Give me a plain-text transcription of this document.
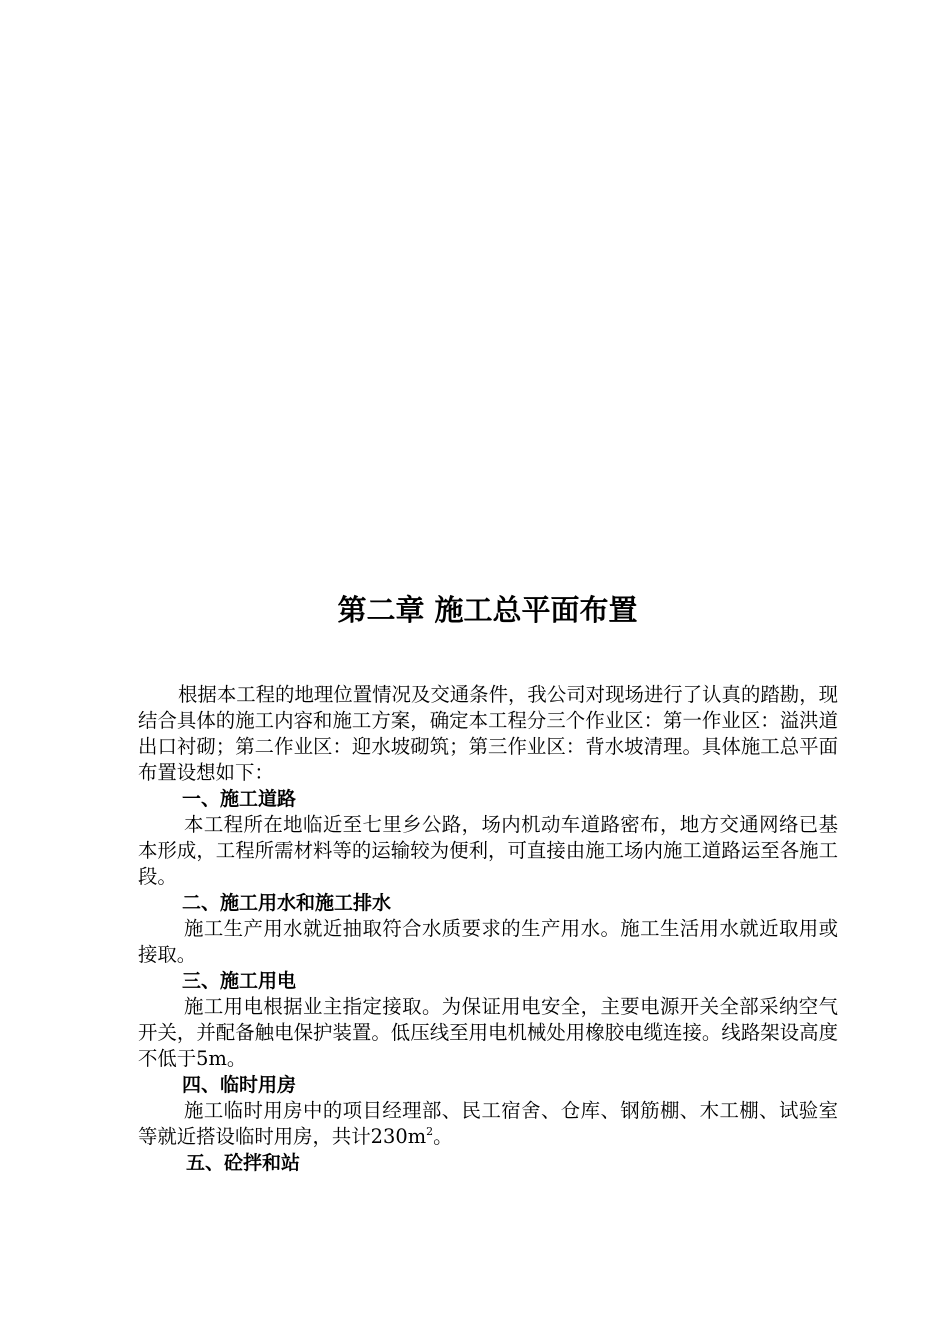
第二章 施工总平面布置

根据本工程的地理位置情况及交通条件，我公司对现场进行了认真的踏勘，现结合具体的施工内容和施工方案，确定本工程分三个作业区：第一作业区：溢洪道出口衬砌；第二作业区：迎水坡砌筑；第三作业区：背水坡清理。具体施工总平面布置设想如下：

一、施工道路

本工程所在地临近至七里乡公路，场内机动车道路密布，地方交通网络已基本形成，工程所需材料等的运输较为便利，可直接由施工场内施工道路运至各施工段。

二、施工用水和施工排水

施工生产用水就近抽取符合水质要求的生产用水。施工生活用水就近取用或接取。

三、施工用电

施工用电根据业主指定接取。为保证用电安全，主要电源开关全部采纳空气开关，并配备触电保护装置。低压线至用电机械处用橡胶电缆连接。线路架设高度不低于5m。

四、临时用房

施工临时用房中的项目经理部、民工宿舍、仓库、钢筋棚、木工棚、试验室等就近搭设临时用房，共计$230m^2$。

五、砼拌和站
